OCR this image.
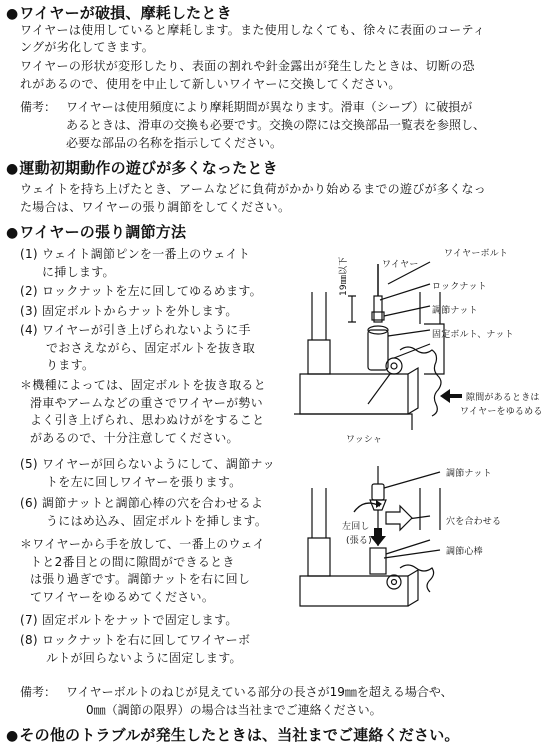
● ワイヤーが破損、摩耗したとき
ワイヤーは使用していると摩耗します。また使用しなくても、徐々に表面のコーティ
ングが劣化してきます。
ワイヤーの形状が変形したり、表面の割れや針金露出が発生したときは、切断の恐
れがあるので、使用を中止して新しいワイヤーに交換してください。
備考： ワイヤーは使用頻度により摩耗期間が異なります。滑車（シーブ）に破損が
あるときは、滑車の交換も必要です。交換の際には交換部品一覧表を参照し、
必要な部品の名称を指示してください。
● 運動初期動作の遊びが多くなったとき
ウェイトを持ち上げたとき、アームなどに負荷がかかり始めるまでの遊びが多くなっ
た場合は、ワイヤーの張り調節をしてください。
● ワイヤーの張り調節方法
(1) ウェイト調節ピンを一番上のウェイト
に挿します。
(2) ロックナットを左に回してゆるめます。
(3) 固定ボルトからナットを外します。
(4) ワイヤーが引き上げられないように手
でおさえながら、固定ボルトを抜き取
ります。
＊機種によっては、固定ボルトを抜き取ると
滑車やアームなどの重さでワイヤーが勢い
よく引き上げられ、思わぬけがをすること
があるので、十分注意してください。
(5) ワイヤーが回らないようにして、調節ナッ
トを左に回しワイヤーを張ります。
(6) 調節ナットと調節心棒の穴を合わせるよ
うにはめ込み、固定ボルトを挿します。
＊ワイヤーから手を放して、一番上のウェイ
トと2番目との間に隙間ができるとき
は張り過ぎです。調節ナットを右に回し
てワイヤーをゆるめてください。
(7) 固定ボルトをナットで固定します。
(8) ロックナットを右に回してワイヤーボ
ルトが回らないように固定します。
備考： ワイヤーボルトのねじが見えている部分の長さが19㎜を超える場合や、
0㎜（調節の限界）の場合は当社までご連絡ください。
● その他のトラブルが発生したときは、当社までご連絡ください。
ワイヤー
ワイヤーボルト
ロックナット
調節ナット
固定ボルト、ナット
19㎜以下
ワッシャ
隙間があるときは
ワイヤーをゆるめる
調節ナット
左回し
(張る)
穴を合わせる
調節心棒
